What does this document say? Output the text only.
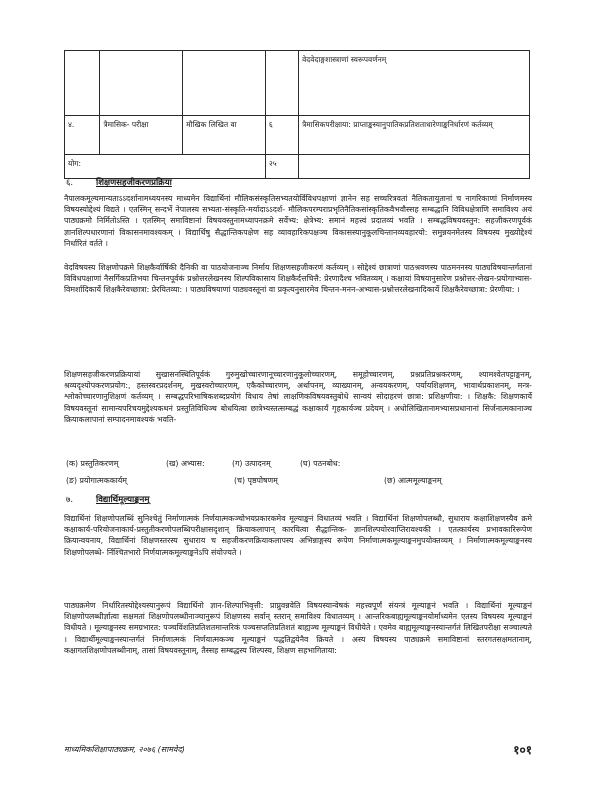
				वेदवेदाङ्गशास्त्राणां स्वरूपवर्णनम्
४.	त्रैमासिक- परीक्षा	मौखिक लिखित वा	६	त्रैमासिकपरीक्षाया: प्राप्ताङ्कस्यानुपातिकप्रतिशताधारेणाङ्कनिर्धारणं कर्तव्यम्
योग:			२५	
६.	शिक्षणसहजीकरणप्रक्रिया
नैपालकमूल्यमान्यताऽऽदर्शानामध्ययनस्य माध्यमेन विद्यार्थिनां मौलिकसंस्कृतिसभ्यतयोर्विविधपक्षाणां ज्ञानेन सह सच्चरित्रवतां नैतिकतायुतानां च नागरिकाणां निर्माणमस्य विषयस्योद्देश्यं विद्यते । एतस्मिन् सन्दर्भे नेपालस्य सभ्यता-संस्कृति-मर्यादाऽऽदर्श- मौलिकपरम्पराप्रभृतिनैतिकसांस्कृतिकवैभवौस्सह सम्बद्धानि विविधक्षेत्राणि समाविश्य अयं पाठ्यक्रमो निर्मितोऽस्ति । एतस्मिन् समाविष्टानां विषयवस्तुनामध्यापनक्रमे सर्वेभ्य: क्षेत्रेभ्य: समानं महत्त्वं प्रदातव्यं भवति । सम्बद्धविषयवस्तुन: सहजीकरणपूर्वकं ज्ञानशिल्पधारणानां विकासनमावश्यकम् । विद्यार्थिषु सैद्धान्तिकपक्षेण सह व्यावहारिकपक्षञ्च विकासस्यानुकूलचिन्तानव्यवहारयो: समुन्नयनमेतस्य विषयस्य मुख्योद्देश्यं निर्धारितं वर्तते ।
वेदविषयस्य शिक्षणोपक्रमे शिक्षकैर्वार्षिकी दैनिकी वा पाठयोजनाञ्च निर्माय शिक्षणसहजीकरणं कर्तव्यम् । सोद्देश्यं छात्राणां पाठश्रवणस्य पाठमननस्य पाठ्यविषयान्तर्गतानां विविधपक्षाणां नैसर्गिकप्रतिभया चिन्तनपूर्वकं प्रश्नोत्तरलेखनस्य शिल्पविकासाय शिक्षकैर्दत्तचित्तै: प्रेरणादैश्च भवितव्यम् । कक्षायां विषयानुसारेण प्रश्नोत्तर-लेखन-प्रयोगाभ्यास-विमर्शादिकार्ये शिक्षकैरेवच्छात्रा: प्रेरयितव्या: । पाठ्यविषयाणां पाठ्यवस्तूनां वा प्रकृत्यनुसारमेव चिन्तन-मनन-अभ्यास-प्रश्नोत्तरलेखनादिकार्ये शिक्षकैरेवच्छात्रा: प्रेरणीया: ।
शिक्षणसहजीकरणप्रक्रियायां सुखासनस्थितिपूर्वकं गुरुमुखोच्चारणानूच्चारणानुकूलोच्चारणम्, समूहोच्चारणम्, प्रश्नप्रतिप्रश्नकरणम्, श्यामश्वेतपट्टाङ्कनम्, श्रव्यदृश्योपकरणप्रयोग:, हस्तस्वरप्रदर्शनम्, मुखस्वरोच्चारणम्, एकैकोच्चारणम्, अर्थापनम्, व्याख्यानम्, अन्वयकरणम्, पर्यायशिक्षणम्, भावार्थप्रकाशनम्, मन्त्र-श्लोकोच्चारणानुशिक्षणं कर्तव्यम् । सम्बद्धपरिभाषिकशब्दप्रयोगं विधाय तेषां लाक्षणिकविषयवस्तुबोधे सान्वयं सोदाहरणं छात्रा: प्रशिक्षणीया: । शिक्षकै: शिक्षणकार्ये विषयवस्तूनां सामान्यपरिचयमुद्देश्यकथनं प्रस्तुतिविधिञ्च बोधयित्वा छात्रेभ्यस्तत्सम्बद्धं कक्षाकार्यं गृहकार्यञ्च प्रदेयम् । अधोलिखितानामभ्यासप्रधानानां सिर्जनात्मकानाञ्च क्रियाकलापानां सम्पादनमावश्यकं भवति-
(क) प्रस्तुतिकरणम्	(ख) अभ्यास:	(ग) उत्पादनम्	(घ) पठनबोध:
(ङ) प्रयोगात्मककार्यम्	(च) पृष्ठपोषणम्	(छ) आत्ममूल्याङ्कनम्
७.	विद्यार्थिमूल्याङ्कनम्
विद्यार्थिनां शिक्षणोपलब्धिं सुनिश्चेतुं निर्माणात्मकं निर्णयात्मकञ्चोभयप्रकारकमेव मूल्याङ्कनं विधातव्यं भवति । विद्यार्थिनां शिक्षणोपलब्धौ, सुधाराय कक्षाशिक्षणस्यैव क्रमे कक्षाकार्य-परियोजनाकार्य-प्रस्तुतीकरणोपलब्धिपरीक्षासदृशान् क्रियाकलापान् कारयित्वा सैद्धान्तिक- ज्ञानशिल्पयोरवाप्तिरावश्यकी । एतत्कार्यस्य प्रभावकारिरूपेण क्रियान्वयनाय, विद्यार्थिनां शिक्षणस्तरस्य सुधाराय च सहजीकरणक्रियाकलापस्य अभिन्नाङ्गस्य रूपेण निर्माणात्मकमूल्याङ्कनमुपयोक्तव्यम् । निर्माणात्मकमूल्याङ्कनस्य शिक्षणोपलब्धे- र्निश्चितभारो निर्णयात्मकमूल्याङ्कनेऽपि संयोज्यते ।
पाठ्यक्रमेण निर्धारितस्योद्देश्यस्यानुरूपं विद्यार्थिनो ज्ञान-शिल्पाभिवृत्ती: प्राप्नुवन्नवेति विषयस्यान्वेषकं महत्त्वपूर्णं संयन्त्रं मूल्याङ्कनं भवति । विद्यार्थिनां मूल्याङ्कनं शिक्षणोपलब्धीर्ज्ञात्वा सक्षमतां शिक्षणोपलब्धीनाञ्चानुरूपं शिक्षणस्य सर्वान् स्तरान् समाविश्य विधातव्यम् । आन्तरिकबाह्यमूल्याङ्कनयोर्माध्यमेन एतस्य विषयस्य मूल्याङ्कनं विधीयते । मूल्याङ्कनस्य समग्रभारत: पञ्चविंशतिप्रतिशतमान्तरिकं पञ्चसप्ततिप्रतिशतं बाह्यञ्च मूल्याङ्कनं विधीयेते । एवमेव बाह्यमूल्याङ्कनस्यान्तर्गतं लिखितपरीक्षा सञ्चाल्यते । विद्यार्थीमूल्याङ्कनस्यान्तर्गतं निर्माणात्मकं निर्णयात्मकञ्च मूल्याङ्कनं पद्धतिद्वयेनैव क्रियते । अस्य विषयस्य पाठ्यक्रमे समाविष्टानां स्तरगतसक्षमतानाम्, कक्षागतशिक्षणोपलब्धीनाम्, तासां विषयवस्तूनाम्, तैस्सह सम्बद्धस्य शिल्पस्य, शिक्षण सहभागिताया:
माध्यमिकशिक्षापाठ्यक्रम, २०७६ (सामवेद)	१०१
